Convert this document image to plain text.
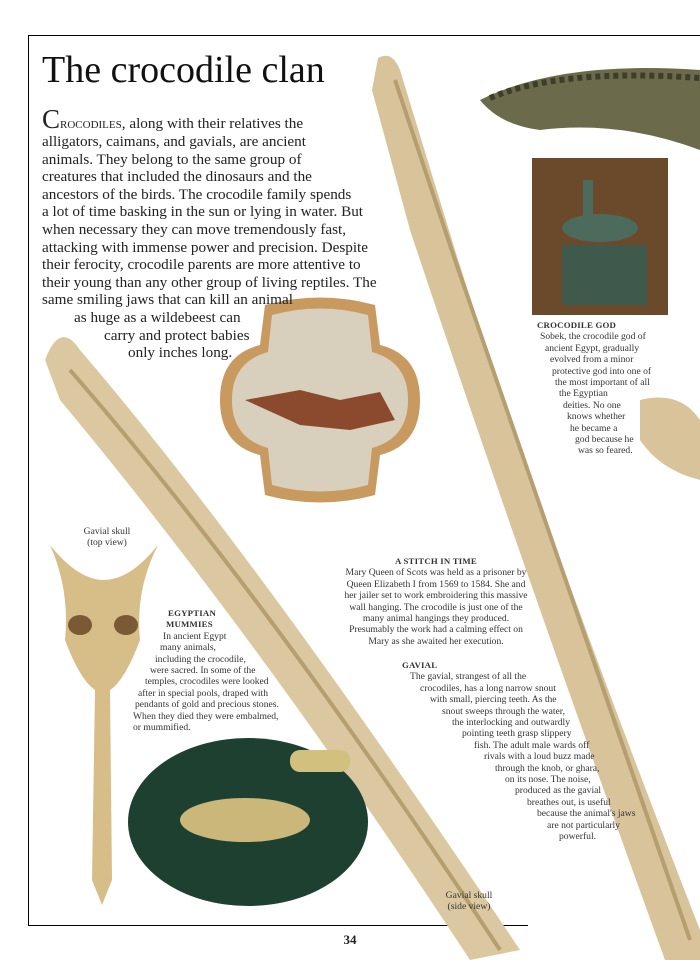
The crocodile clan
Crocodiles, along with their relatives the
alligators, caimans, and gavials, are ancient
animals. They belong to the same group of
creatures that included the dinosaurs and the
ancestors of the birds. The crocodile family spends
a lot of time basking in the sun or lying in water. But
when necessary they can move tremendously fast,
attacking with immense power and precision. Despite
their ferocity, crocodile parents are more attentive to
their young than any other group of living reptiles. The
same smiling jaws that can kill an animal
as huge as a wildebeest can
carry and protect babies
only inches long.
CROCODILE GOD
Sobek, the crocodile god of
ancient Egypt, gradually
evolved from a minor
protective god into one of
the most important of all
the Egyptian
deities. No one
knows whether
he became a
god because he
was so feared.
A STITCH IN TIME
Mary Queen of Scots was held as a prisoner by
Queen Elizabeth I from 1569 to 1584. She and
her jailer set to work embroidering this massive
wall hanging. The crocodile is just one of the
many animal hangings they produced.
Presumably the work had a calming effect on
Mary as she awaited her execution.
EGYPTIAN
MUMMIES
In ancient Egypt
many animals,
including the crocodile,
were sacred. In some of the
temples, crocodiles were looked
after in special pools, draped with
pendants of gold and precious stones.
When they died they were embalmed,
or mummified.
GAVIAL
The gavial, strangest of all the
crocodiles, has a long narrow snout
with small, piercing teeth. As the
snout sweeps through the water,
the interlocking and outwardly
pointing teeth grasp slippery
fish. The adult male wards off
rivals with a loud buzz made
through the knob, or ghara,
on its nose. The noise,
produced as the gavial
breathes out, is useful
because the animal's jaws
are not particularly
powerful.
Gavial skull
(top view)
Gavial skull
(side view)
34
